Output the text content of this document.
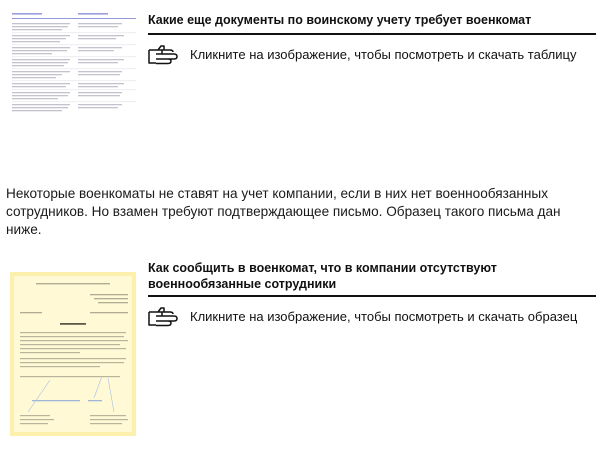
Какие еще документы по воинскому учету требует военкомат
Кликните на изображение, чтобы посмотреть и скачать таблицу

Некоторые военкоматы не ставят на учет компании, если в них нет военнообязанных сотрудников. Но взамен требуют подтверждающее письмо. Образец такого письма дан ниже.

Как сообщить в военкомат, что в компании отсутствуют военнообязанные сотрудники
Кликните на изображение, чтобы посмотреть и скачать образец
